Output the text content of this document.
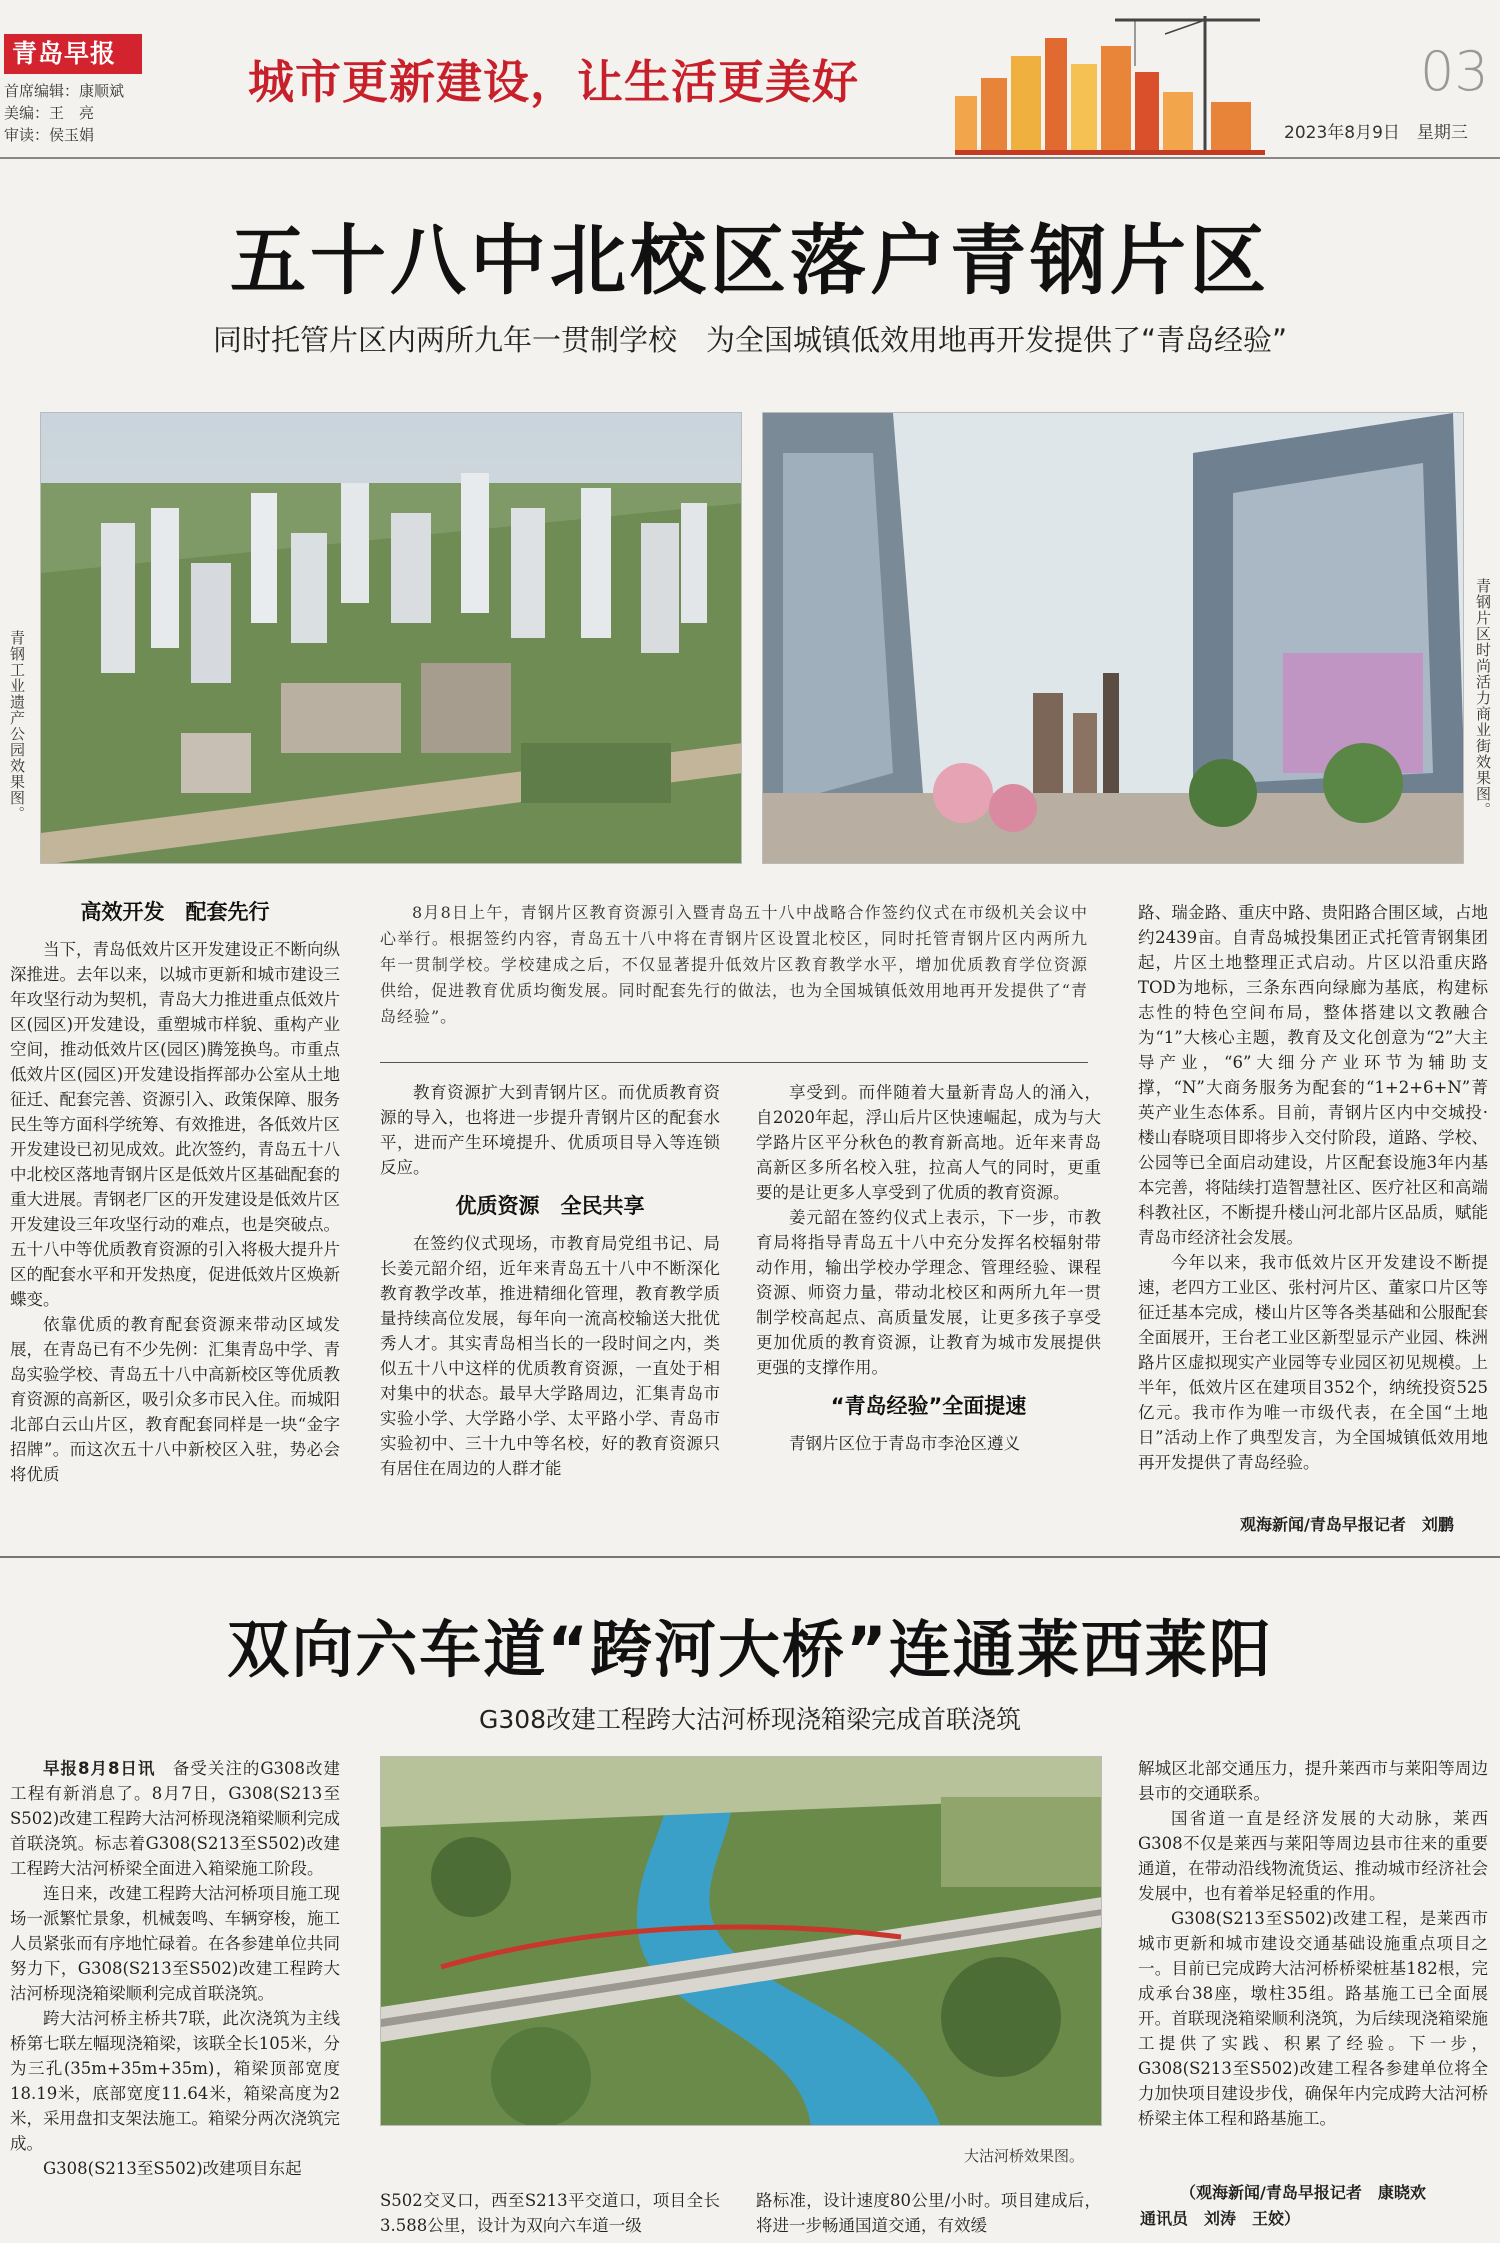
青岛早报
首席编辑：康顺斌
美编：王　亮
审读：侯玉娟
城市更新建设，让生活更美好	03
2023年8月9日　星期三
五十八中北校区落户青钢片区
同时托管片区内两所九年一贯制学校　为全国城镇低效用地再开发提供了“青岛经验”
青钢工业遗产公园效果图。	青钢片区时尚活力商业街效果图。

8月8日上午，青钢片区教育资源引入暨青岛五十八中战略合作签约仪式在市级机关会议中心举行。根据签约内容，青岛五十八中将在青钢片区设置北校区，同时托管青钢片区内两所九年一贯制学校。学校建成之后，不仅显著提升低效片区教育教学水平，增加优质教育学位资源供给，促进教育优质均衡发展。同时配套先行的做法，也为全国城镇低效用地再开发提供了“青岛经验”。

高效开发　配套先行

当下，青岛低效片区开发建设正不断向纵深推进。去年以来，以城市更新和城市建设三年攻坚行动为契机，青岛大力推进重点低效片区(园区)开发建设，重塑城市样貌、重构产业空间，推动低效片区(园区)腾笼换鸟。市重点低效片区(园区)开发建设指挥部办公室从土地征迁、配套完善、资源引入、政策保障、服务民生等方面科学统筹、有效推进，各低效片区开发建设已初见成效。此次签约，青岛五十八中北校区落地青钢片区是低效片区基础配套的重大进展。青钢老厂区的开发建设是低效片区开发建设三年攻坚行动的难点，也是突破点。五十八中等优质教育资源的引入将极大提升片区的配套水平和开发热度，促进低效片区焕新蝶变。

依靠优质的教育配套资源来带动区域发展，在青岛已有不少先例：汇集青岛中学、青岛实验学校、青岛五十八中高新校区等优质教育资源的高新区，吸引众多市民入住。而城阳北部白云山片区，教育配套同样是一块“金字招牌”。而这次五十八中新校区入驻，势必会将优质

教育资源扩大到青钢片区。而优质教育资源的导入，也将进一步提升青钢片区的配套水平，进而产生环境提升、优质项目导入等连锁反应。

优质资源　全民共享

在签约仪式现场，市教育局党组书记、局长姜元韶介绍，近年来青岛五十八中不断深化教育教学改革，推进精细化管理，教育教学质量持续高位发展，每年向一流高校输送大批优秀人才。其实青岛相当长的一段时间之内，类似五十八中这样的优质教育资源，一直处于相对集中的状态。最早大学路周边，汇集青岛市实验小学、大学路小学、太平路小学、青岛市实验初中、三十九中等名校，好的教育资源只有居住在周边的人群才能

享受到。而伴随着大量新青岛人的涌入，自2020年起，浮山后片区快速崛起，成为与大学路片区平分秋色的教育新高地。近年来青岛高新区多所名校入驻，拉高人气的同时，更重要的是让更多人享受到了优质的教育资源。

姜元韶在签约仪式上表示，下一步，市教育局将指导青岛五十八中充分发挥名校辐射带动作用，输出学校办学理念、管理经验、课程资源、师资力量，带动北校区和两所九年一贯制学校高起点、高质量发展，让更多孩子享受更加优质的教育资源，让教育为城市发展提供更强的支撑作用。

“青岛经验”全面提速

青钢片区位于青岛市李沧区遵义

路、瑞金路、重庆中路、贵阳路合围区域，占地约2439亩。自青岛城投集团正式托管青钢集团起，片区土地整理正式启动。片区以沿重庆路TOD为地标，三条东西向绿廊为基底，构建标志性的特色空间布局，整体搭建以文教融合为“1”大核心主题，教育及文化创意为“2”大主导产业，“6”大细分产业环节为辅助支撑，“N”大商务服务为配套的“1+2+6+N”菁英产业生态体系。目前，青钢片区内中交城投·楼山春晓项目即将步入交付阶段，道路、学校、公园等已全面启动建设，片区配套设施3年内基本完善，将陆续打造智慧社区、医疗社区和高端科教社区，不断提升楼山河北部片区品质，赋能青岛市经济社会发展。

今年以来，我市低效片区开发建设不断提速，老四方工业区、张村河片区、董家口片区等征迁基本完成，楼山片区等各类基础和公服配套全面展开，王台老工业区新型显示产业园、株洲路片区虚拟现实产业园等专业园区初见规模。上半年，低效片区在建项目352个，纳统投资525亿元。我市作为唯一市级代表，在全国“土地日”活动上作了典型发言，为全国城镇低效用地再开发提供了青岛经验。

观海新闻/青岛早报记者　刘鹏
双向六车道“跨河大桥”连通莱西莱阳
G308改建工程跨大沽河桥现浇箱梁完成首联浇筑
大沽河桥效果图。

早报8月8日讯　 备受关注的G308改建工程有新消息了。8月7日，G308(S213至S502)改建工程跨大沽河桥现浇箱梁顺利完成首联浇筑。标志着G308(S213至S502)改建工程跨大沽河桥梁全面进入箱梁施工阶段。

连日来，改建工程跨大沽河桥项目施工现场一派繁忙景象，机械轰鸣、车辆穿梭，施工人员紧张而有序地忙碌着。在各参建单位共同努力下，G308(S213至S502)改建工程跨大沽河桥现浇箱梁顺利完成首联浇筑。

跨大沽河桥主桥共7联，此次浇筑为主线桥第七联左幅现浇箱梁，该联全长105米，分为三孔(35m+35m+35m)，箱梁顶部宽度18.19米，底部宽度11.64米，箱梁高度为2米，采用盘扣支架法施工。箱梁分两次浇筑完成。

G308(S213至S502)改建项目东起

S502交叉口，西至S213平交道口，项目全长3.588公里，设计为双向六车道一级
路标准，设计速度80公里/小时。项目建成后，将进一步畅通国道交通，有效缓

解城区北部交通压力，提升莱西市与莱阳等周边县市的交通联系。

国省道一直是经济发展的大动脉，莱西G308不仅是莱西与莱阳等周边县市往来的重要通道，在带动沿线物流货运、推动城市经济社会发展中，也有着举足轻重的作用。

G308(S213至S502)改建工程，是莱西市城市更新和城市建设交通基础设施重点项目之一。目前已完成跨大沽河桥桥梁桩基182根，完成承台38座，墩柱35组。路基施工已全面展开。首联现浇箱梁顺利浇筑，为后续现浇箱梁施工提供了实践、积累了经验。下一步，G308(S213至S502)改建工程各参建单位将全力加快项目建设步伐，确保年内完成跨大沽河桥桥梁主体工程和路基施工。

（观海新闻/青岛早报记者　康晓欢
通讯员　刘涛　王姣）
